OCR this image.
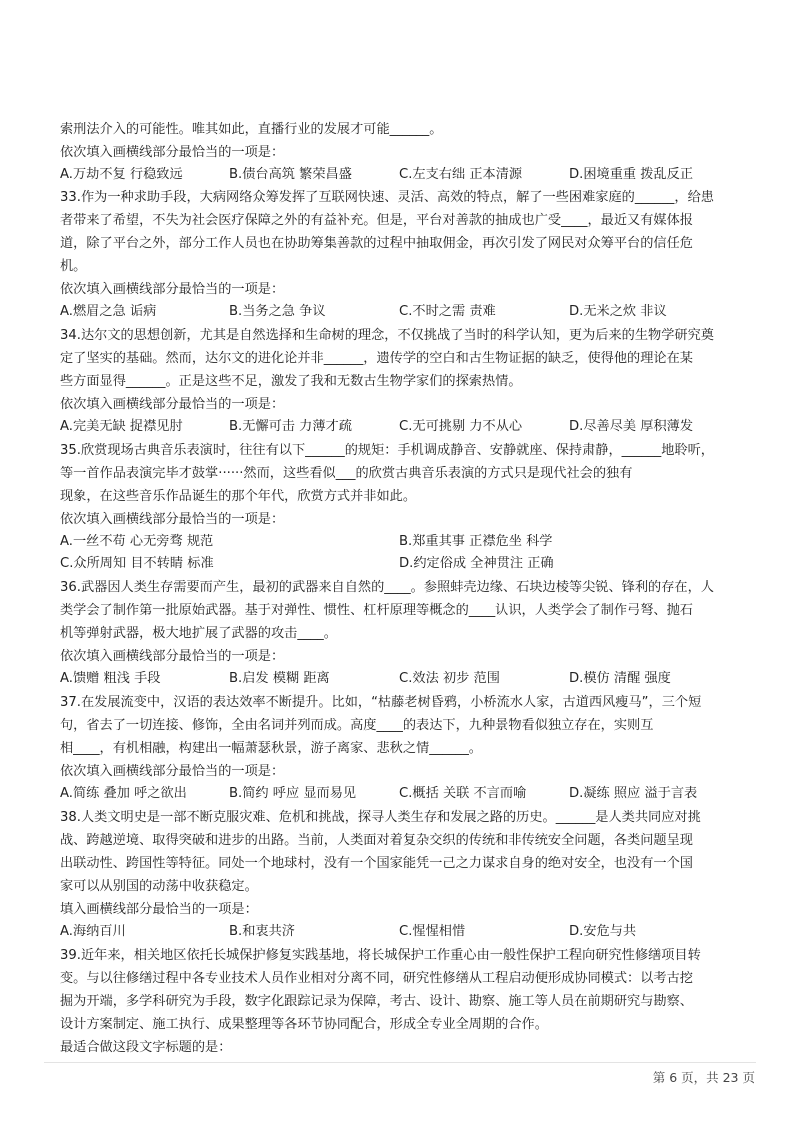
索刑法介入的可能性。唯其如此，直播行业的发展才可能______。
依次填入画横线部分最恰当的一项是：
A.万劫不复 行稳致远	B.债台高筑 繁荣昌盛	C.左支右绌 正本清源	D.困境重重 拨乱反正
33.作为一种求助手段，大病网络众筹发挥了互联网快速、灵活、高效的特点，解了一些困难家庭的______，给患
者带来了希望，不失为社会医疗保障之外的有益补充。但是，平台对善款的抽成也广受____，最近又有媒体报
道，除了平台之外，部分工作人员也在协助筹集善款的过程中抽取佣金，再次引发了网民对众筹平台的信任危
机。
依次填入画横线部分最恰当的一项是：
A.燃眉之急 诟病	B.当务之急 争议	C.不时之需 责难	D.无米之炊 非议
34.达尔文的思想创新，尤其是自然选择和生命树的理念，不仅挑战了当时的科学认知，更为后来的生物学研究奠
定了坚实的基础。然而，达尔文的进化论并非______，遗传学的空白和古生物证据的缺乏，使得他的理论在某
些方面显得______。正是这些不足，激发了我和无数古生物学家们的探索热情。
依次填入画横线部分最恰当的一项是：
A.完美无缺 捉襟见肘	B.无懈可击 力薄才疏	C.无可挑剔 力不从心	D.尽善尽美 厚积薄发
35.欣赏现场古典音乐表演时，往往有以下______的规矩：手机调成静音、安静就座、保持肃静，______地聆听，
等一首作品表演完毕才鼓掌······然而，这些看似___的欣赏古典音乐表演的方式只是现代社会的独有
现象，在这些音乐作品诞生的那个年代，欣赏方式并非如此。
依次填入画横线部分最恰当的一项是：
A.一丝不苟 心无旁骛 规范	B.郑重其事 正襟危坐 科学
C.众所周知 目不转睛 标准	D.约定俗成 全神贯注 正确
36.武器因人类生存需要而产生，最初的武器来自自然的____。参照蚌壳边缘、石块边棱等尖锐、锋利的存在，人
类学会了制作第一批原始武器。基于对弹性、惯性、杠杆原理等概念的____认识，人类学会了制作弓弩、抛石
机等弹射武器，极大地扩展了武器的攻击____。
依次填入画横线部分最恰当的一项是：
A.馈赠 粗浅 手段	B.启发 模糊 距离	C.效法 初步 范围	D.模仿 清醒 强度
37.在发展流变中，汉语的表达效率不断提升。比如，“枯藤老树昏鸦，小桥流水人家，古道西风瘦马”，三个短
句，省去了一切连接、修饰，全由名词并列而成。高度____的表达下，九种景物看似独立存在，实则互
相____，有机相融，构建出一幅萧瑟秋景，游子离家、悲秋之情______。
依次填入画横线部分最恰当的一项是：
A.简练 叠加 呼之欲出	B.简约 呼应 显而易见	C.概括 关联 不言而喻	D.凝练 照应 溢于言表
38.人类文明史是一部不断克服灾难、危机和挑战，探寻人类生存和发展之路的历史。______是人类共同应对挑
战、跨越逆境、取得突破和进步的出路。当前，人类面对着复杂交织的传统和非传统安全问题，各类问题呈现
出联动性、跨国性等特征。同处一个地球村，没有一个国家能凭一己之力谋求自身的绝对安全，也没有一个国
家可以从别国的动荡中收获稳定。
填入画横线部分最恰当的一项是：
A.海纳百川	B.和衷共济	C.惺惺相惜	D.安危与共
39.近年来，相关地区依托长城保护修复实践基地，将长城保护工作重心由一般性保护工程向研究性修缮项目转
变。与以往修缮过程中各专业技术人员作业相对分离不同，研究性修缮从工程启动便形成协同模式：以考古挖
掘为开端，多学科研究为手段，数字化跟踪记录为保障，考古、设计、勘察、施工等人员在前期研究与勘察、
设计方案制定、施工执行、成果整理等各环节协同配合，形成全专业全周期的合作。
最适合做这段文字标题的是：
第 6 页，共 23 页
